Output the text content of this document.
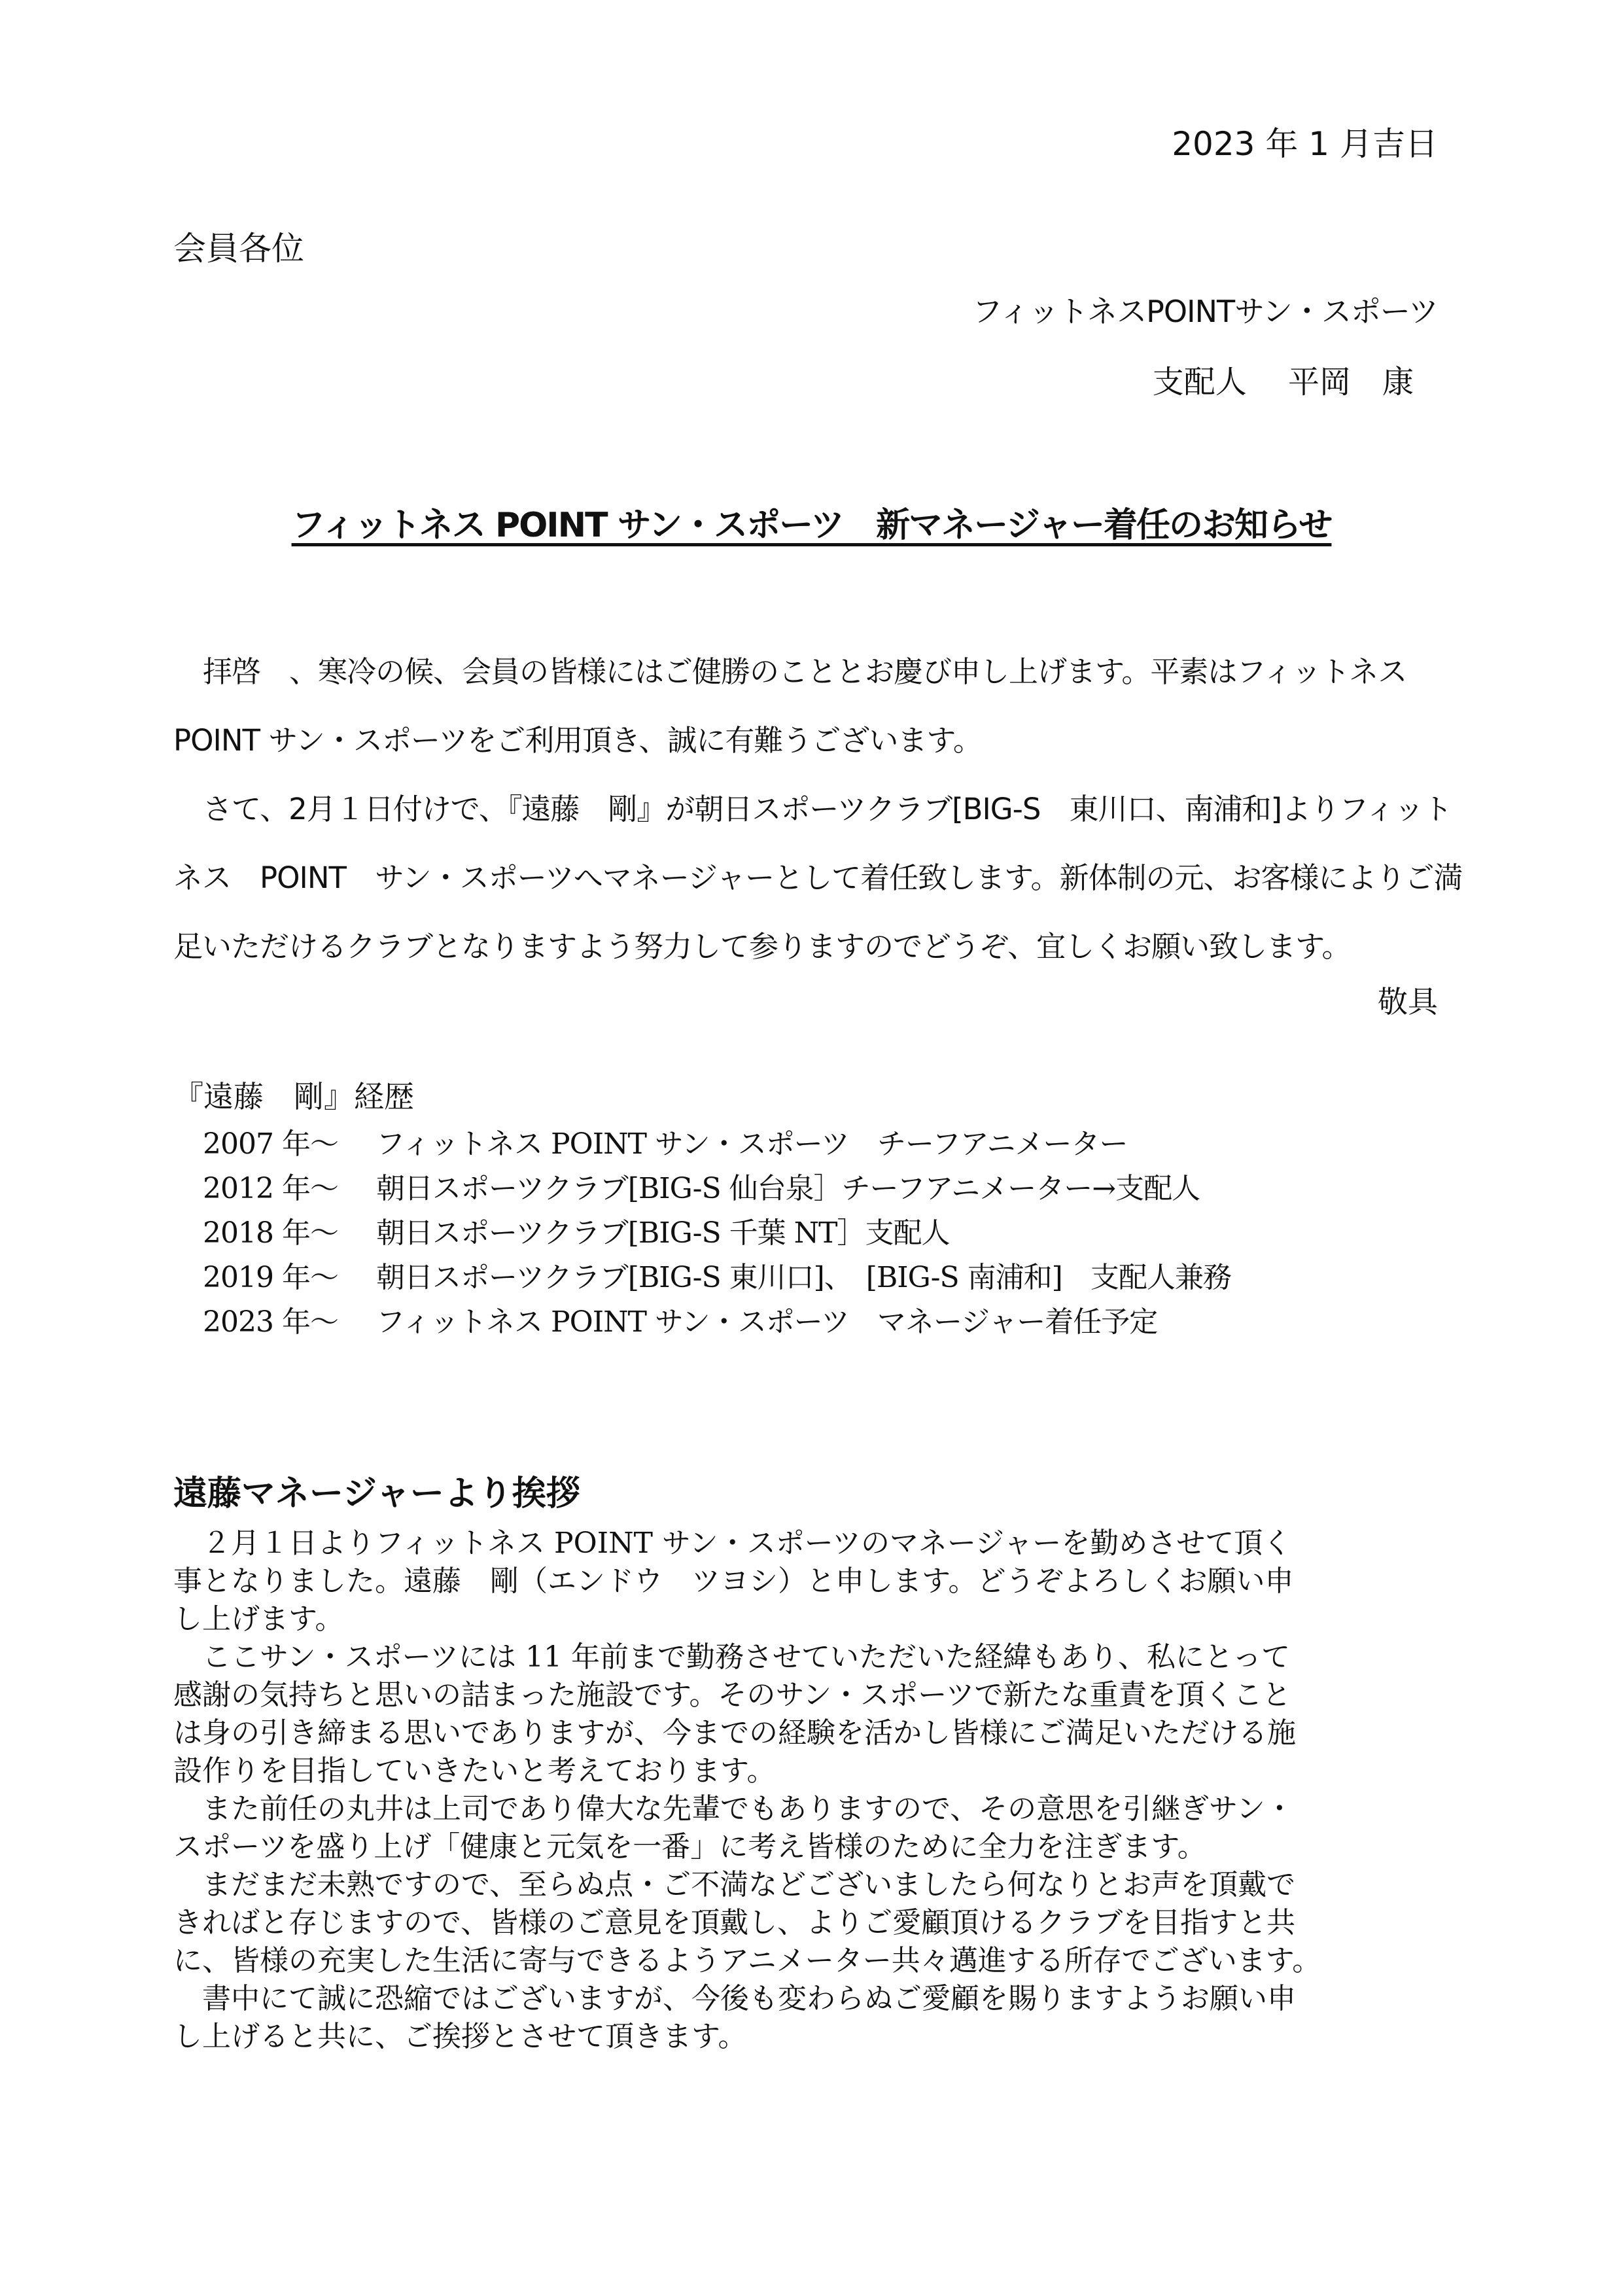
2023 年 1 月吉日
会員各位
フィットネスPOINTサン・スポーツ
支配人　 平岡　康
フィットネス POINT サン・スポーツ　新マネージャー着任のお知らせ
拝啓　、寒冷の候、会員の皆様にはご健勝のこととお慶び申し上げます。平素はフィットネス
POINT サン・スポーツをご利用頂き、誠に有難うございます。
さて、2月１日付けで、『遠藤　剛』が朝日スポーツクラブ[BIG-S　東川口、南浦和]よりフィット
ネス　POINT　サン・スポーツへマネージャーとして着任致します。新体制の元、お客様によりご満
足いただけるクラブとなりますよう努力して参りますのでどうぞ、宜しくお願い致します。
敬具
『遠藤　剛』経歴
2007 年～	フィットネス POINT サン・スポーツ　チーフアニメーター
2012 年～	朝日スポーツクラブ[BIG-S 仙台泉］チーフアニメーター→支配人
2018 年～	朝日スポーツクラブ[BIG-S 千葉 NT］支配人
2019 年～	朝日スポーツクラブ[BIG-S 東川口]、　[BIG-S 南浦和]　支配人兼務
2023 年～	フィットネス POINT サン・スポーツ　マネージャー着任予定
遠藤マネージャーより挨拶
２月１日よりフィットネス POINT サン・スポーツのマネージャーを勤めさせて頂く
事となりました。遠藤　剛（エンドウ　ツヨシ）と申します。どうぞよろしくお願い申
し上げます。
ここサン・スポーツには 11 年前まで勤務させていただいた経緯もあり、私にとって
感謝の気持ちと思いの詰まった施設です。そのサン・スポーツで新たな重責を頂くこと
は身の引き締まる思いでありますが、今までの経験を活かし皆様にご満足いただける施
設作りを目指していきたいと考えております。
また前任の丸井は上司であり偉大な先輩でもありますので、その意思を引継ぎサン・
スポーツを盛り上げ「健康と元気を一番」に考え皆様のために全力を注ぎます。
まだまだ未熟ですので、至らぬ点・ご不満などございましたら何なりとお声を頂戴で
きればと存じますので、皆様のご意見を頂戴し、よりご愛顧頂けるクラブを目指すと共
に、皆様の充実した生活に寄与できるようアニメーター共々邁進する所存でございます。
書中にて誠に恐縮ではございますが、今後も変わらぬご愛顧を賜りますようお願い申
し上げると共に、ご挨拶とさせて頂きます。
